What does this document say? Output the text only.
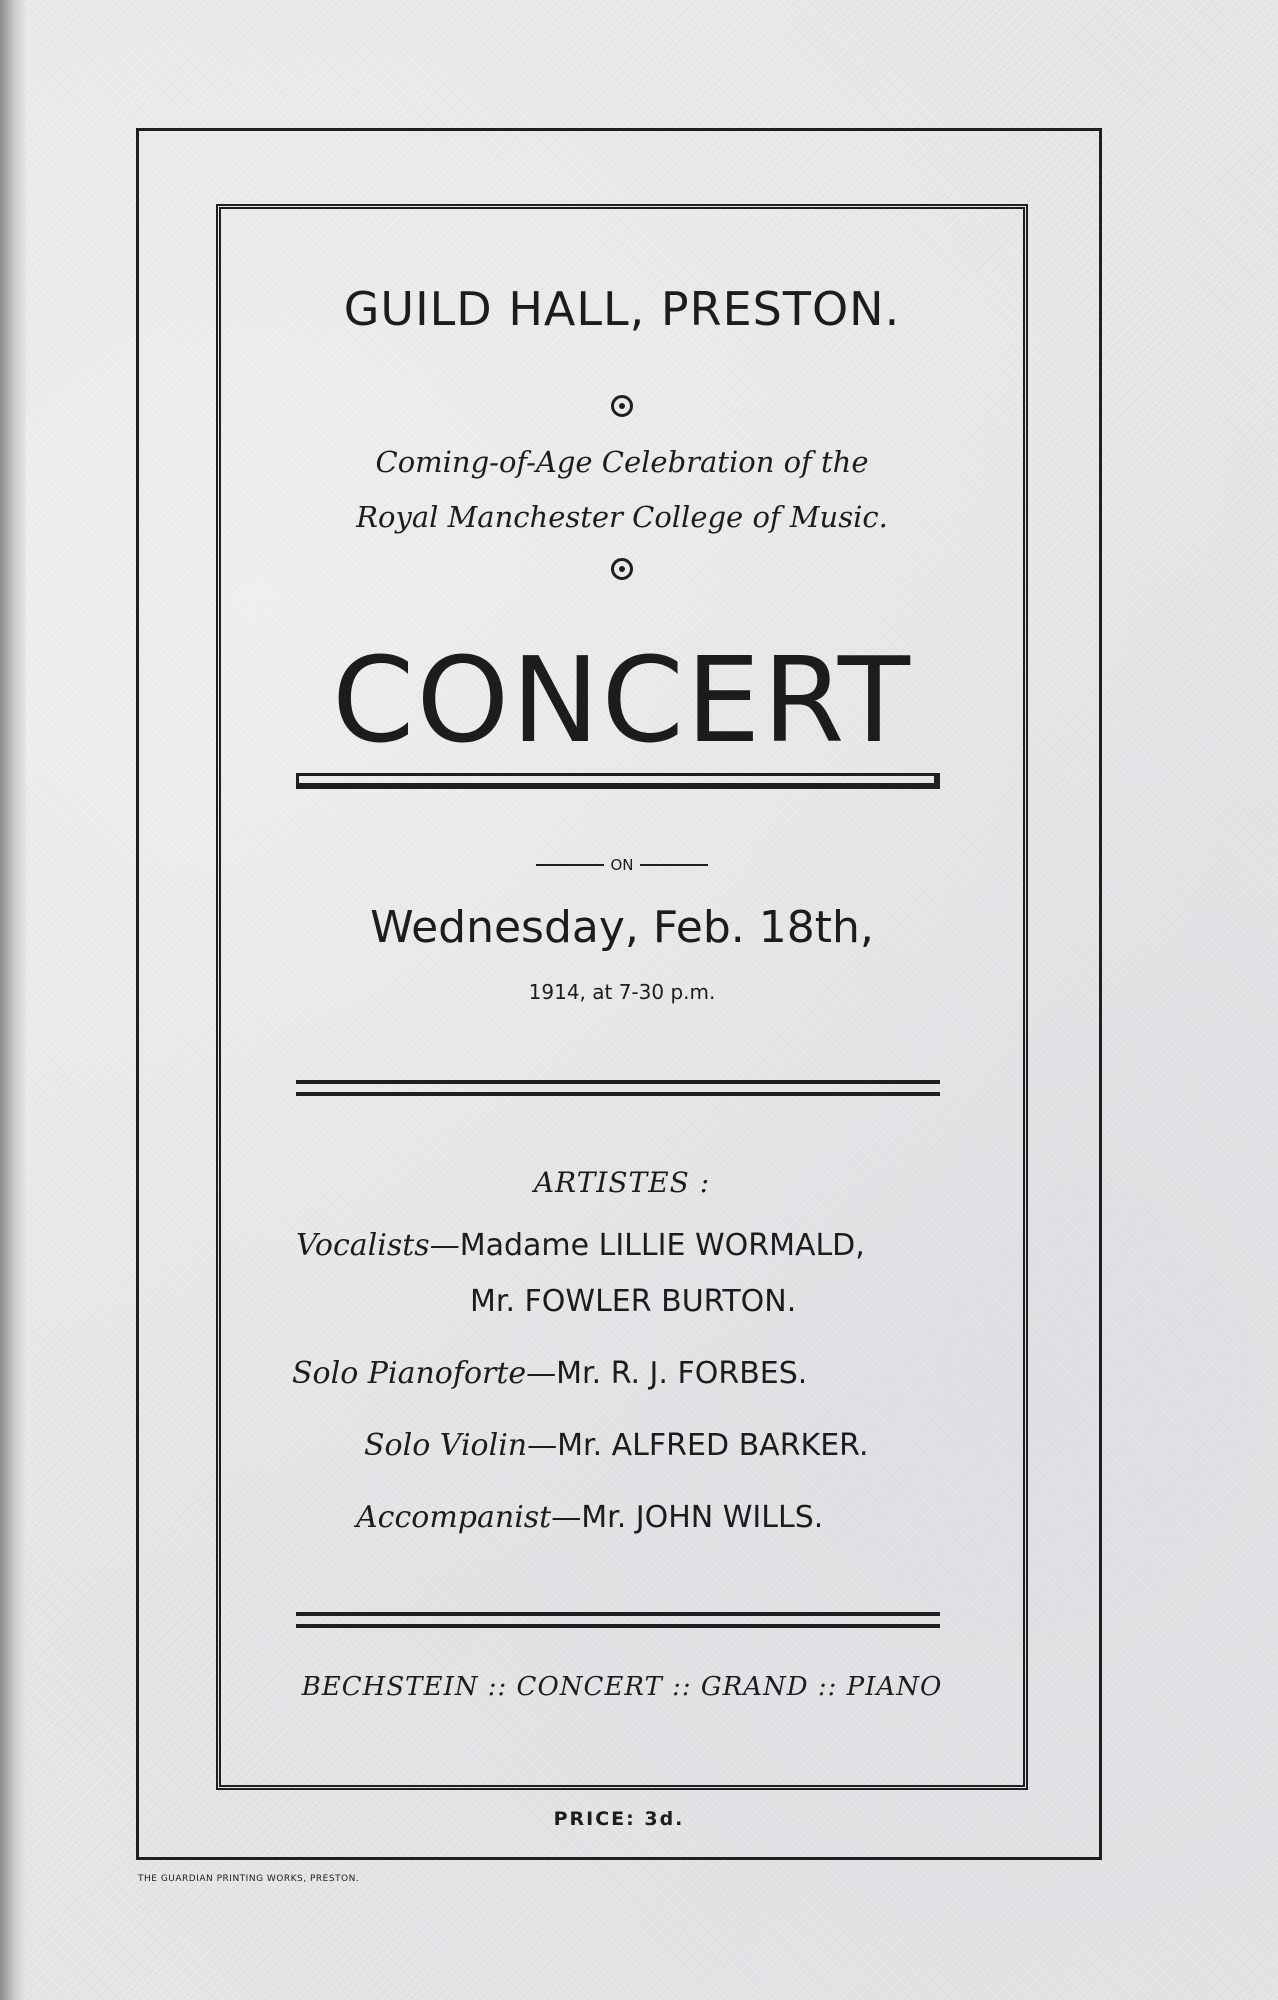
GUILD HALL, PRESTON.
Coming-of-Age Celebration of the
Royal Manchester College of Music.
CONCERT
ON
Wednesday, Feb. 18th,
1914, at 7-30 p.m.
ARTISTES :
Vocalists—Madame LILLIE WORMALD,
Mr. FOWLER BURTON.
Solo Pianoforte—Mr. R. J. FORBES.
Solo Violin—Mr. ALFRED BARKER.
Accompanist—Mr. JOHN WILLS.
BECHSTEIN :: CONCERT :: GRAND :: PIANO
PRICE: 3d.
THE GUARDIAN PRINTING WORKS, PRESTON.
